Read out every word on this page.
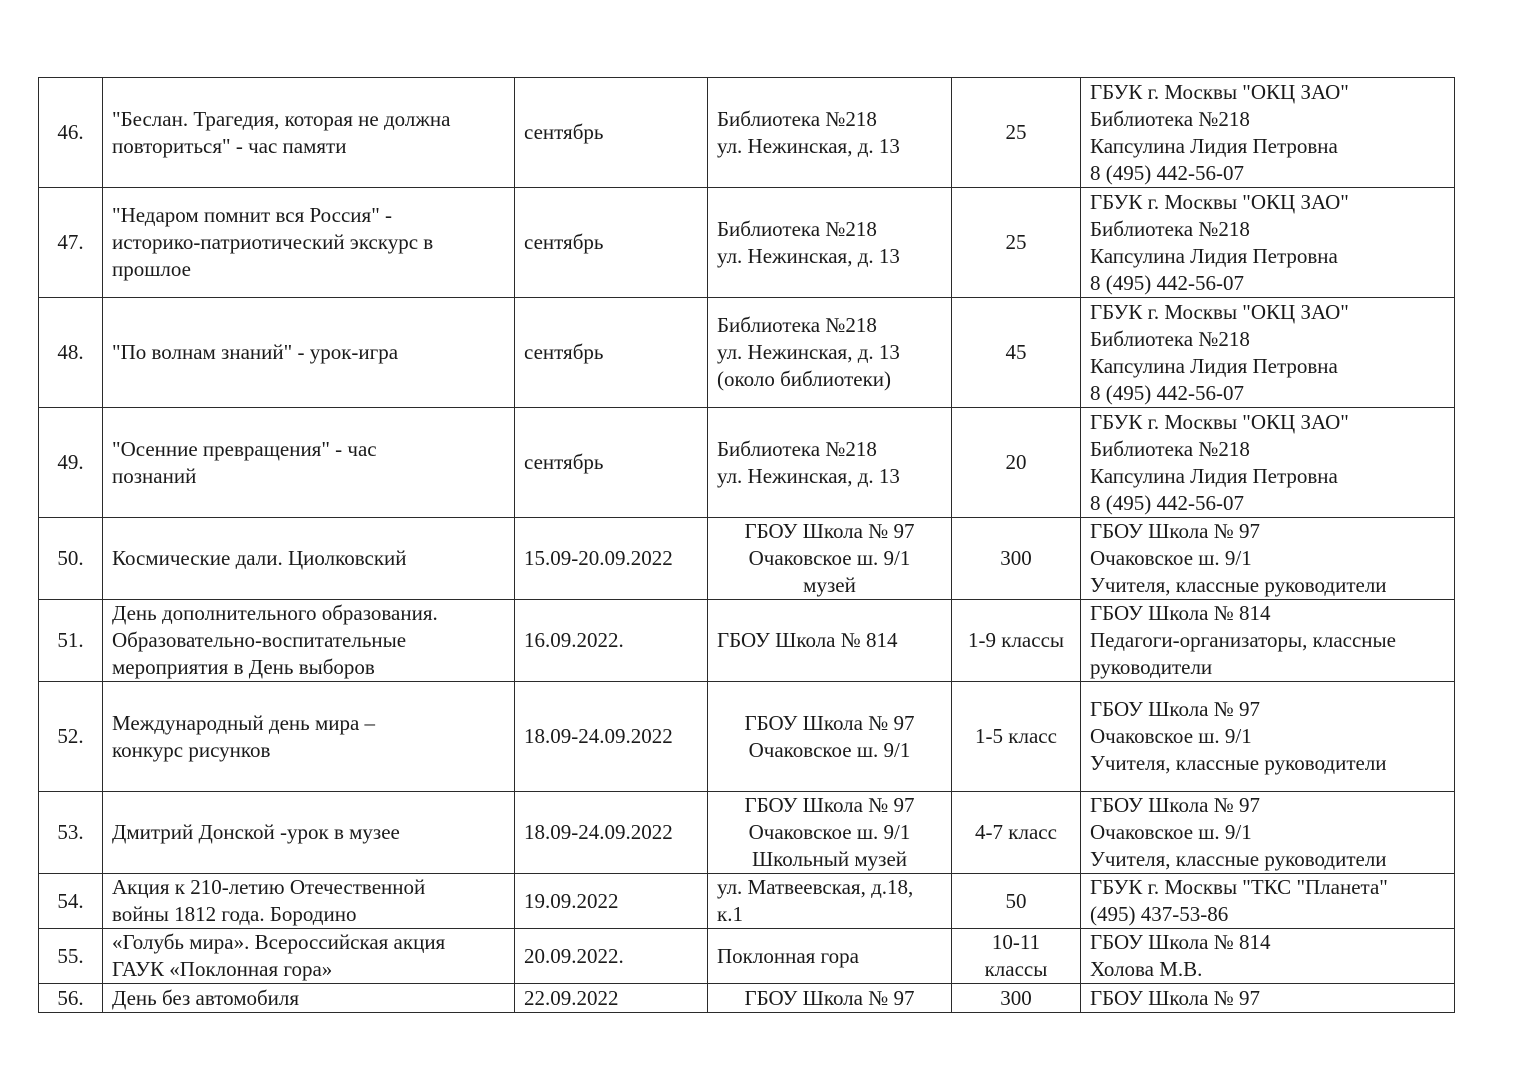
46.	"Беслан. Трагедия, которая не должна
повториться" - час памяти	сентябрь	Библиотека №218
ул. Нежинская, д. 13	25	ГБУК г. Москвы "ОКЦ ЗАО"
Библиотека №218
Капсулина Лидия Петровна
8 (495) 442-56-07

47.	"Недаром помнит вся Россия" -
историко-патриотический экскурс в
прошлое	сентябрь	Библиотека №218
ул. Нежинская, д. 13	25	ГБУК г. Москвы "ОКЦ ЗАО"
Библиотека №218
Капсулина Лидия Петровна
8 (495) 442-56-07

48.	"По волнам знаний" - урок-игра	сентябрь	Библиотека №218
ул. Нежинская, д. 13
(около библиотеки)	45	ГБУК г. Москвы "ОКЦ ЗАО"
Библиотека №218
Капсулина Лидия Петровна
8 (495) 442-56-07

49.	"Осенние превращения" - час
познаний	сентябрь	Библиотека №218
ул. Нежинская, д. 13	20	ГБУК г. Москвы "ОКЦ ЗАО"
Библиотека №218
Капсулина Лидия Петровна
8 (495) 442-56-07

50.	Космические дали. Циолковский	15.09-20.09.2022	ГБОУ Школа № 97
Очаковское ш. 9/1
музей	300	ГБОУ Школа № 97
Очаковское ш. 9/1
Учителя, классные руководители

51.	День дополнительного образования.
Образовательно-воспитательные
мероприятия в День выборов	16.09.2022.	ГБОУ Школа № 814	1-9 классы	ГБОУ Школа № 814
Педагоги-организаторы, классные
руководители

52.	Международный день мира –
конкурс рисунков	18.09-24.09.2022	ГБОУ Школа № 97
Очаковское ш. 9/1	1-5 класс	ГБОУ Школа № 97
Очаковское ш. 9/1
Учителя, классные руководители

53.	Дмитрий Донской -урок в музее	18.09-24.09.2022	ГБОУ Школа № 97
Очаковское ш. 9/1
Школьный музей	4-7 класс	ГБОУ Школа № 97
Очаковское ш. 9/1
Учителя, классные руководители

54.	Акция к 210-летию Отечественной
войны 1812 года. Бородино	19.09.2022	ул. Матвеевская, д.18,
к.1	50	ГБУК г. Москвы "ТКС "Планета"
(495) 437-53-86

55.	«Голубь мира». Всероссийская акция
ГАУК «Поклонная гора»	20.09.2022.	Поклонная гора	10-11
классы	ГБОУ Школа № 814
Холова М.В.

56.	День без автомобиля	22.09.2022	ГБОУ Школа № 97	300	ГБОУ Школа № 97
